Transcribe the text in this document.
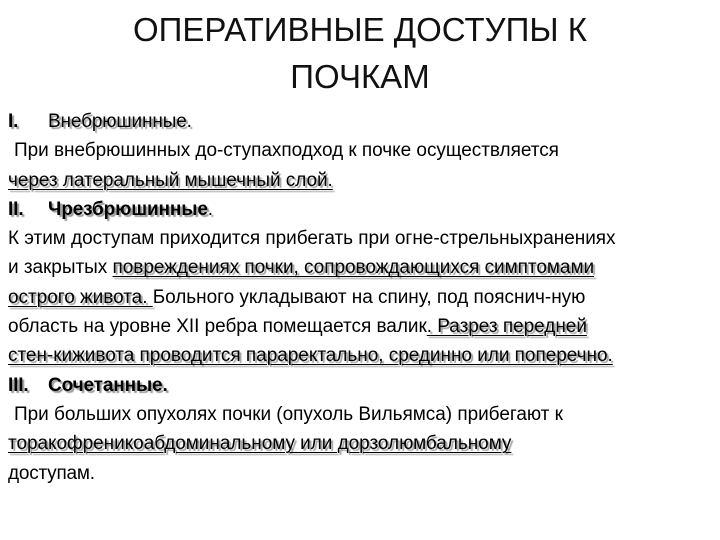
ОПЕРАТИВНЫЕ ДОСТУПЫ К
ПОЧКАМ
I. Внебрюшинные.
При внебрюшинных до-ступахподход к почке осуществляется
через латеральный мышечный слой.
II. Чрезбрюшинные.
К этим доступам приходится прибегать при огне-стрельныхранениях
и закрытых повреждениях почки, сопровождающихся симптомами
острого живота. Больного укладывают на спину, под пояснич-ную
область на уровне XII ребра помещается валик. Разрез передней
стен-киживота проводится параректально, срединно или поперечно.
III. Сочетанные.
При больших опухолях почки (опухоль Вильямса) прибегают к
торакофреникоабдоминальному или дорзолюмбальному
доступам.
